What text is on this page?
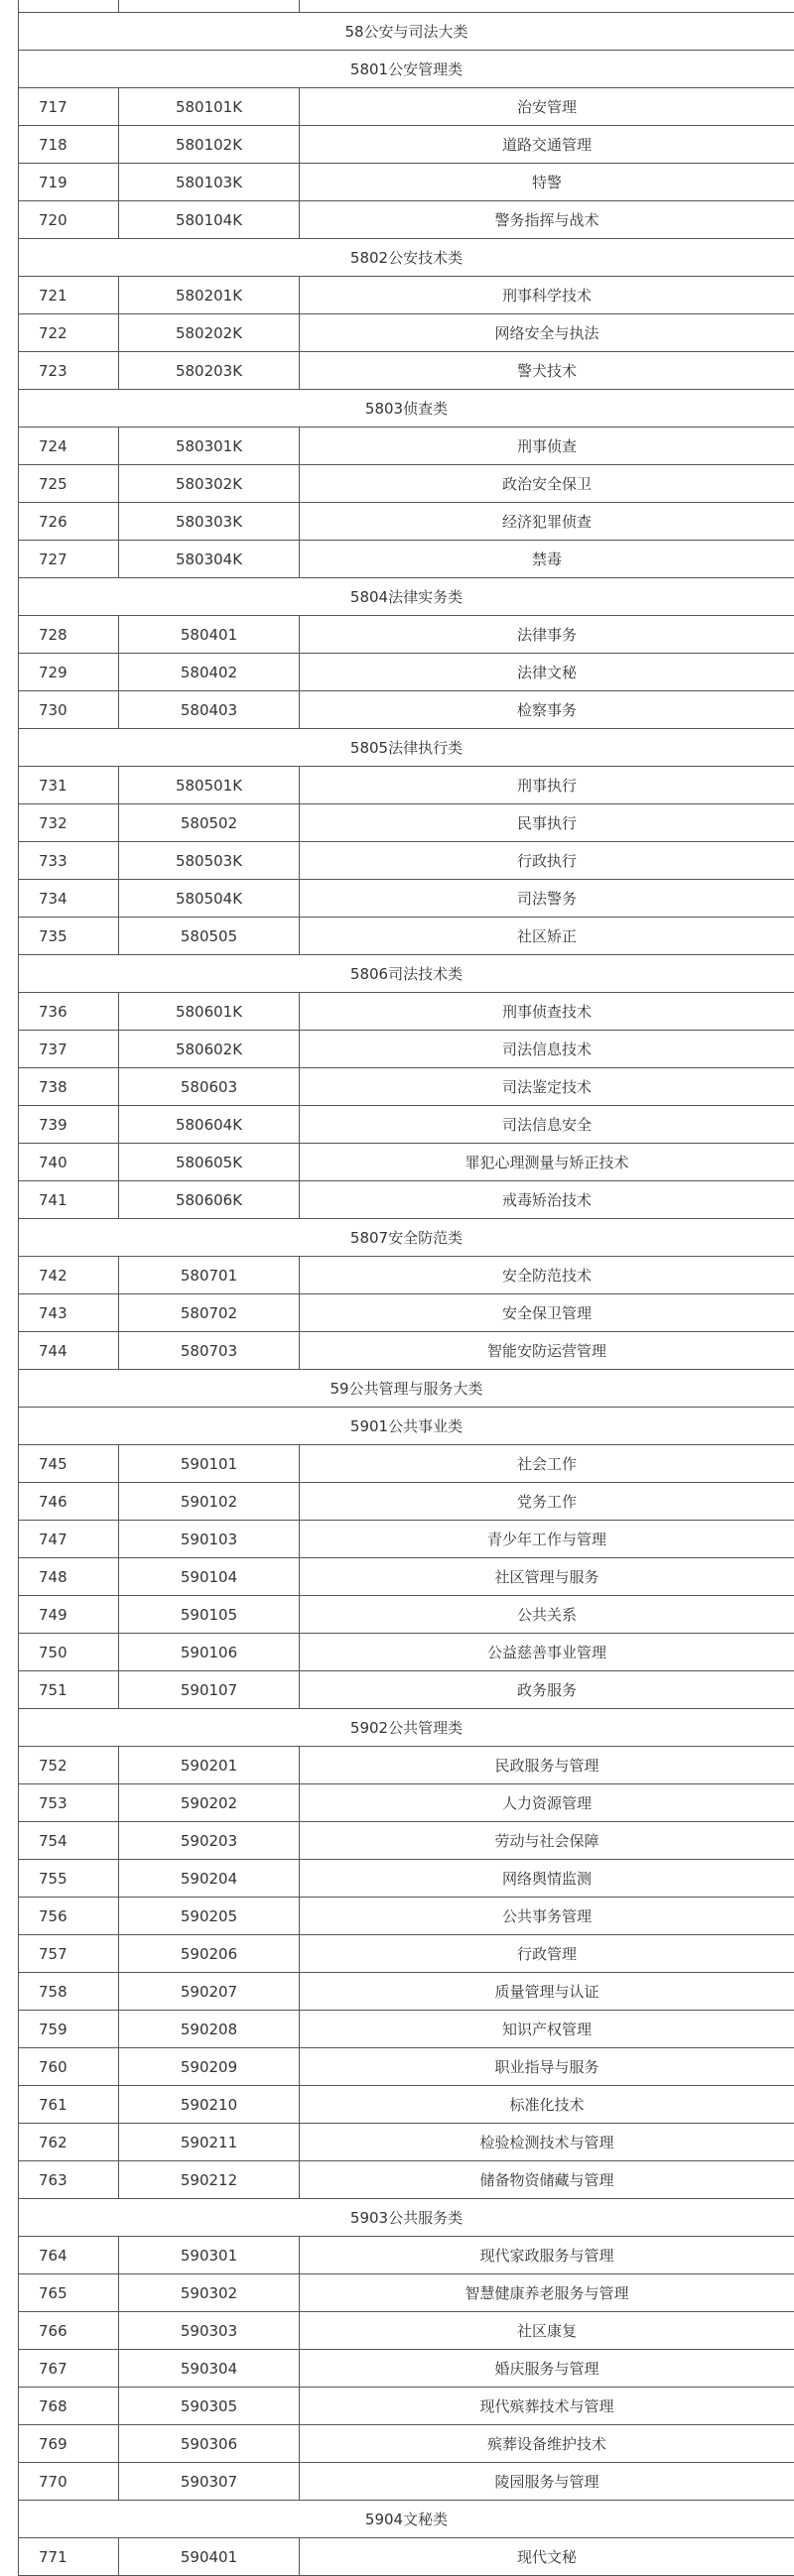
58公安与司法大类		
5801公安管理类		
717	580101K	治安管理
718	580102K	道路交通管理
719	580103K	特警
720	580104K	警务指挥与战术
5802公安技术类		
721	580201K	刑事科学技术
722	580202K	网络安全与执法
723	580203K	警犬技术
5803侦查类		
724	580301K	刑事侦查
725	580302K	政治安全保卫
726	580303K	经济犯罪侦查
727	580304K	禁毒
5804法律实务类		
728	580401	法律事务
729	580402	法律文秘
730	580403	检察事务
5805法律执行类		
731	580501K	刑事执行
732	580502	民事执行
733	580503K	行政执行
734	580504K	司法警务
735	580505	社区矫正
5806司法技术类		
736	580601K	刑事侦查技术
737	580602K	司法信息技术
738	580603	司法鉴定技术
739	580604K	司法信息安全
740	580605K	罪犯心理测量与矫正技术
741	580606K	戒毒矫治技术
5807安全防范类		
742	580701	安全防范技术
743	580702	安全保卫管理
744	580703	智能安防运营管理
59公共管理与服务大类		
5901公共事业类		
745	590101	社会工作
746	590102	党务工作
747	590103	青少年工作与管理
748	590104	社区管理与服务
749	590105	公共关系
750	590106	公益慈善事业管理
751	590107	政务服务
5902公共管理类		
752	590201	民政服务与管理
753	590202	人力资源管理
754	590203	劳动与社会保障
755	590204	网络舆情监测
756	590205	公共事务管理
757	590206	行政管理
758	590207	质量管理与认证
759	590208	知识产权管理
760	590209	职业指导与服务
761	590210	标准化技术
762	590211	检验检测技术与管理
763	590212	储备物资储藏与管理
5903公共服务类		
764	590301	现代家政服务与管理
765	590302	智慧健康养老服务与管理
766	590303	社区康复
767	590304	婚庆服务与管理
768	590305	现代殡葬技术与管理
769	590306	殡葬设备维护技术
770	590307	陵园服务与管理
5904文秘类		
771	590401	现代文秘
